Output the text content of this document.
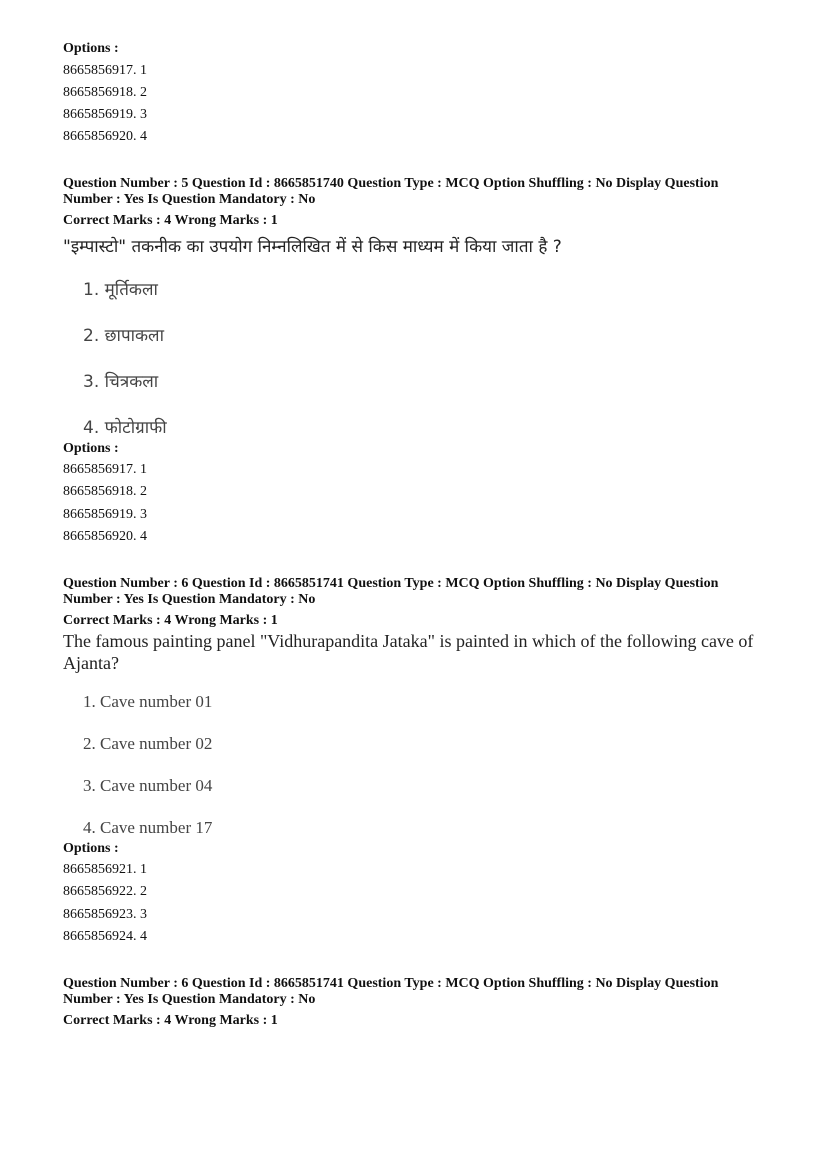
Options :
8665856917. 1
8665856918. 2
8665856919. 3
8665856920. 4
Question Number : 5 Question Id : 8665851740 Question Type : MCQ Option Shuffling : No Display Question
Number : Yes Is Question Mandatory : No
Correct Marks : 4 Wrong Marks : 1
"इम्पास्टो" तकनीक का उपयोग निम्नलिखित में से किस माध्यम में किया जाता है ?
1. मूर्तिकला
2. छापाकला
3. चित्रकला
4. फोटोग्राफी
Options :
8665856917. 1
8665856918. 2
8665856919. 3
8665856920. 4
Question Number : 6 Question Id : 8665851741 Question Type : MCQ Option Shuffling : No Display Question
Number : Yes Is Question Mandatory : No
Correct Marks : 4 Wrong Marks : 1
The famous painting panel "Vidhurapandita Jataka" is painted in which of the following cave of
Ajanta?
1. Cave number 01
2. Cave number 02
3. Cave number 04
4. Cave number 17
Options :
8665856921. 1
8665856922. 2
8665856923. 3
8665856924. 4
Question Number : 6 Question Id : 8665851741 Question Type : MCQ Option Shuffling : No Display Question
Number : Yes Is Question Mandatory : No
Correct Marks : 4 Wrong Marks : 1
